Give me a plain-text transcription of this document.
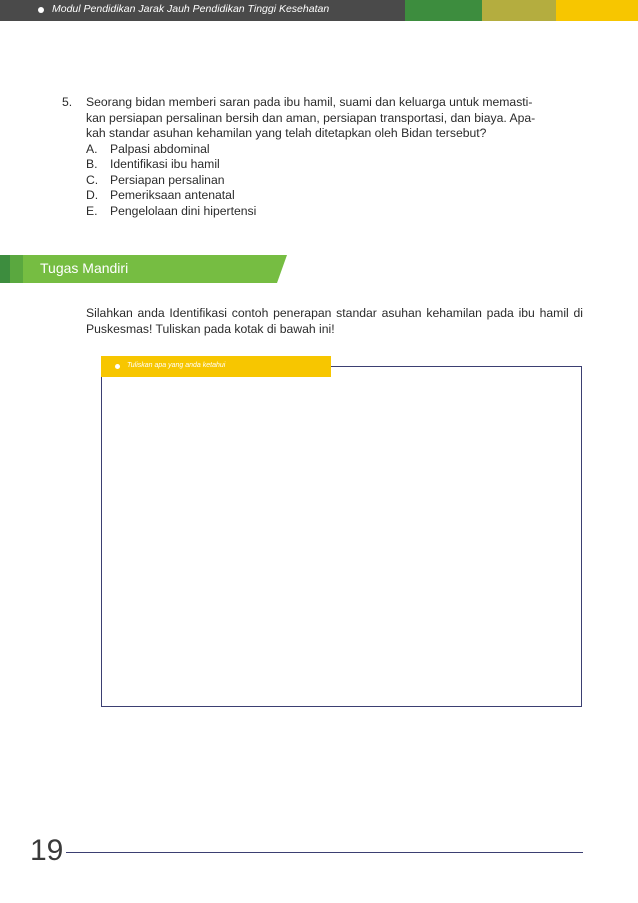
Modul Pendidikan Jarak Jauh Pendidikan Tinggi Kesehatan
5.	Seorang bidan memberi saran pada ibu hamil, suami dan keluarga untuk memasti-
kan persiapan persalinan bersih dan aman, persiapan transportasi, dan biaya. Apa-
kah standar asuhan kehamilan yang telah ditetapkan oleh Bidan tersebut?
A.	Palpasi abdominal
B.	Identifikasi ibu hamil
C. Persiapan persalinan
D. Pemeriksaan antenatal
E.	Pengelolaan dini hipertensi
Tugas Mandiri
Silahkan anda Identifikasi contoh penerapan standar asuhan kehamilan pada ibu hamil di Puskesmas! Tuliskan pada kotak di bawah ini!
Tuliskan apa yang anda ketahui
19
